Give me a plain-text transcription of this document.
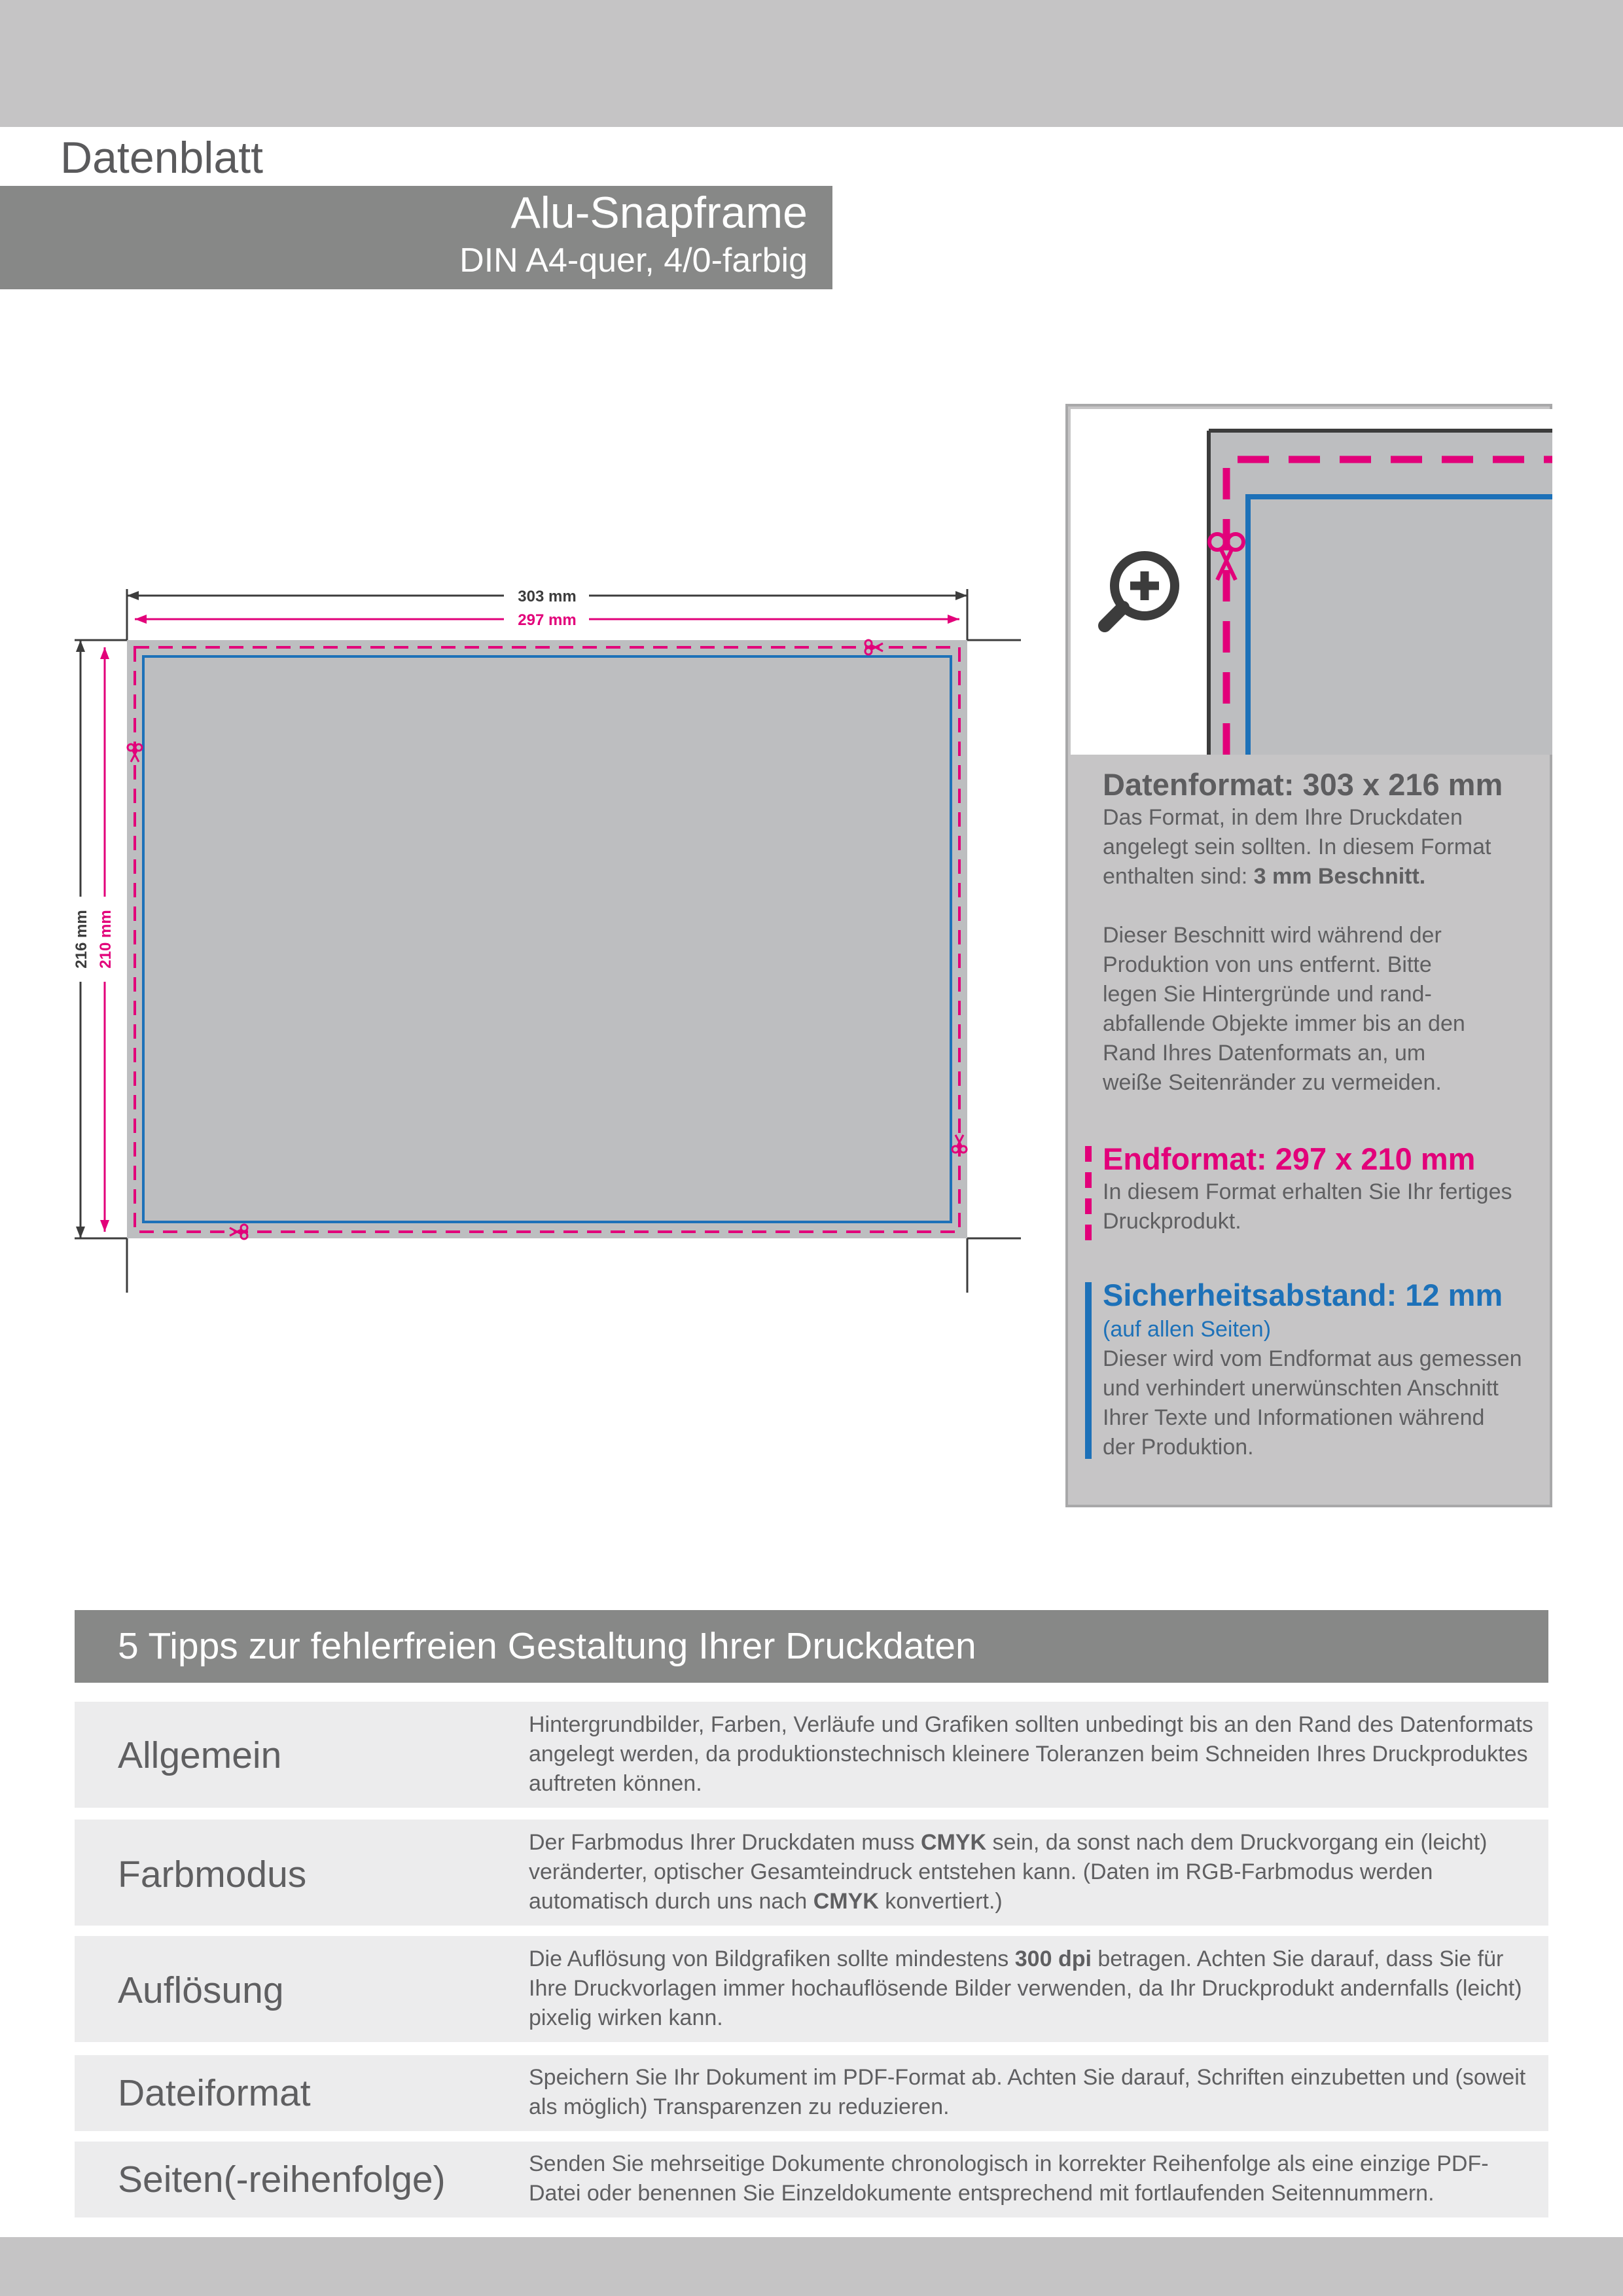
Datenblatt
Alu-Snapframe
DIN A4-quer, 4/0-farbig
303 mm
297 mm
216 mm 210 mm
Datenformat: 303 x 216 mm
Das Format, in dem Ihre Druckdaten
angelegt sein sollten. In diesem Format
enthalten sind: 3 mm Beschnitt.
Dieser Beschnitt wird während der
Produktion von uns entfernt. Bitte
legen Sie Hintergründe und rand-
abfallende Objekte immer bis an den
Rand Ihres Datenformats an, um
weiße Seitenränder zu vermeiden.
Endformat: 297 x 210 mm
In diesem Format erhalten Sie Ihr fertiges
Druckprodukt.
Sicherheitsabstand: 12 mm
(auf allen Seiten)
Dieser wird vom Endformat aus gemessen
und verhindert unerwünschten Anschnitt
Ihrer Texte und Informationen während
der Produktion.
5 Tipps zur fehlerfreien Gestaltung Ihrer Druckdaten
Allgemein
Hintergrundbilder, Farben, Verläufe und Grafiken sollten unbedingt bis an den Rand des Datenformats angelegt werden, da produktionstechnisch kleinere Toleranzen beim Schneiden Ihres Druckproduktes auftreten können.
Farbmodus
Der Farbmodus Ihrer Druckdaten muss CMYK sein, da sonst nach dem Druckvorgang ein (leicht) veränderter, optischer Gesamteindruck entstehen kann. (Daten im RGB-Farbmodus werden automatisch durch uns nach CMYK konvertiert.)
Auflösung
Die Auflösung von Bildgrafiken sollte mindestens 300 dpi betragen. Achten Sie darauf, dass Sie für Ihre Druckvorlagen immer hochauflösende Bilder verwenden, da Ihr Druckprodukt andernfalls (leicht) pixelig wirken kann.
Dateiformat	Speichern Sie Ihr Dokument im PDF-Format ab. Achten Sie darauf, Schriften einzubetten und (soweit als möglich) Transparenzen zu reduzieren.
Seiten(-reihenfolge)	Senden Sie mehrseitige Dokumente chronologisch in korrekter Reihenfolge als eine einzige PDF-Datei oder benennen Sie Einzeldokumente entsprechend mit fortlaufenden Seitennummern.
